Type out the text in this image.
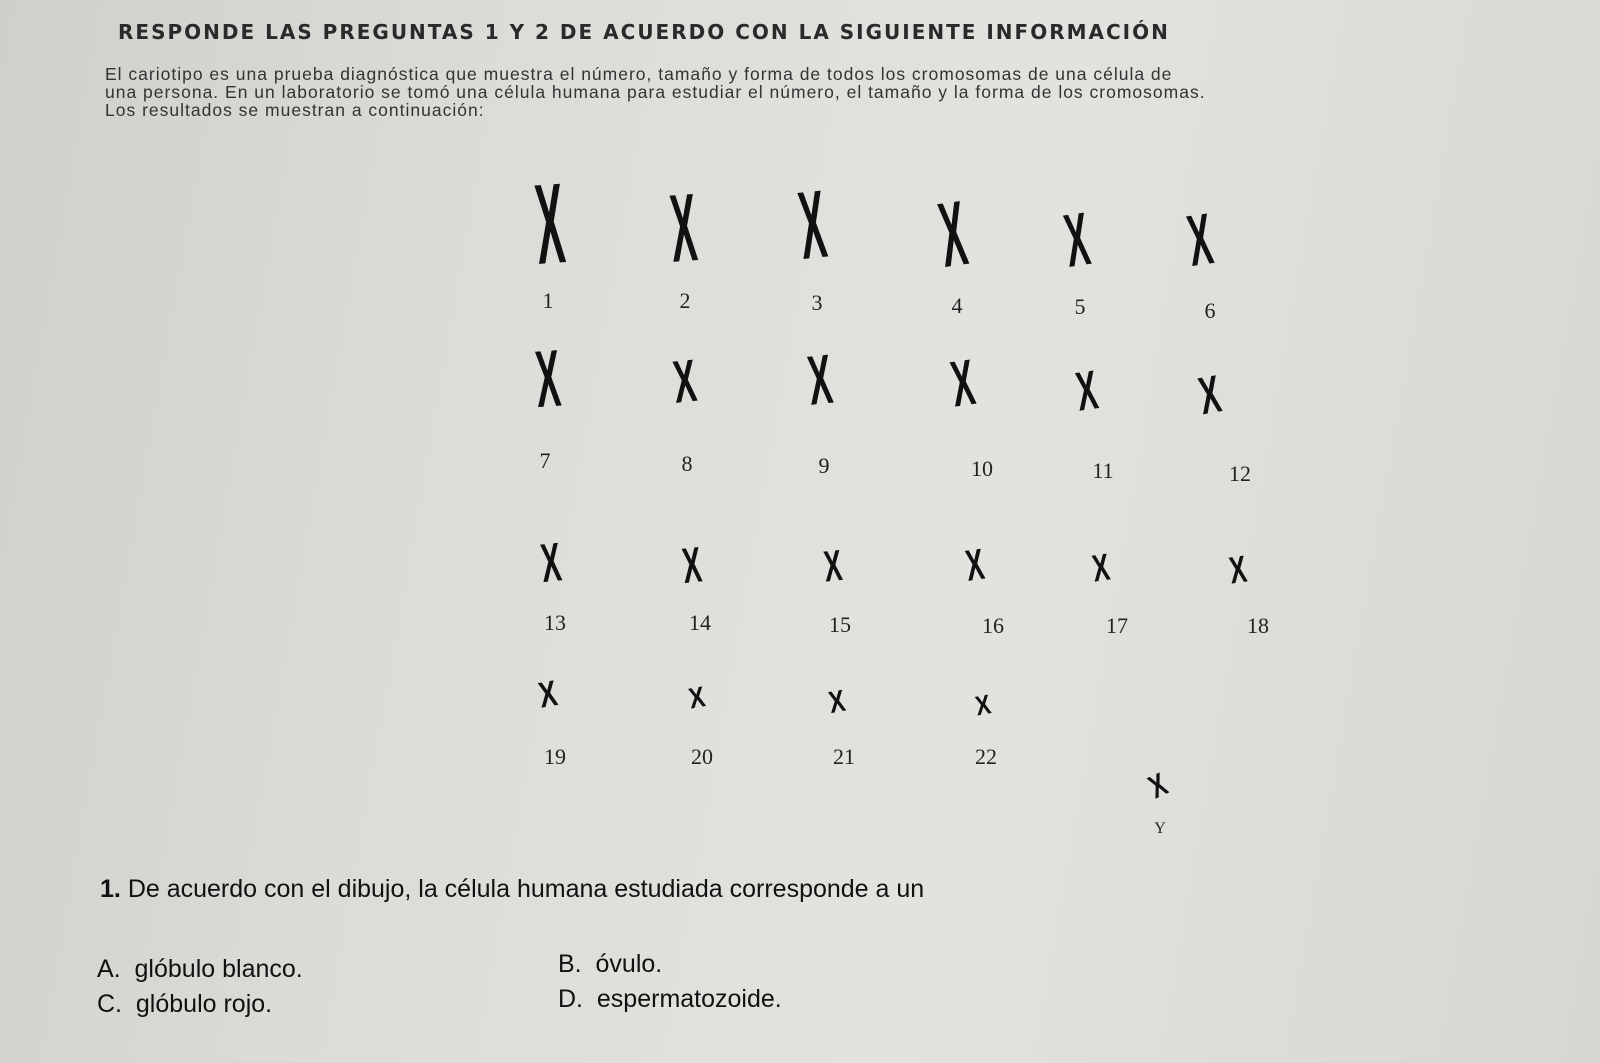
RESPONDE LAS PREGUNTAS 1 Y 2 DE ACUERDO CON LA SIGUIENTE INFORMACIÓN
El cariotipo es una prueba diagnóstica que muestra el número, tamaño y forma de todos los cromosomas de una célula de
una persona. En un laboratorio se tomó una célula humana para estudiar el número, el tamaño y la forma de los cromosomas.
Los resultados se muestran a continuación:
X
1
X
2
X
3
X
4
X
5
X
6
X
7
X
8
X
9
X
10
X
11
X
12
X
13
X
14
X
15
X
16
X
17
X
18
X
19
X
20
X
21
X
22
X
Y
1. De acuerdo con el dibujo, la célula humana estudiada corresponde a un
A. glóbulo blanco.	B. óvulo.
C. glóbulo rojo.	D. espermatozoide.
